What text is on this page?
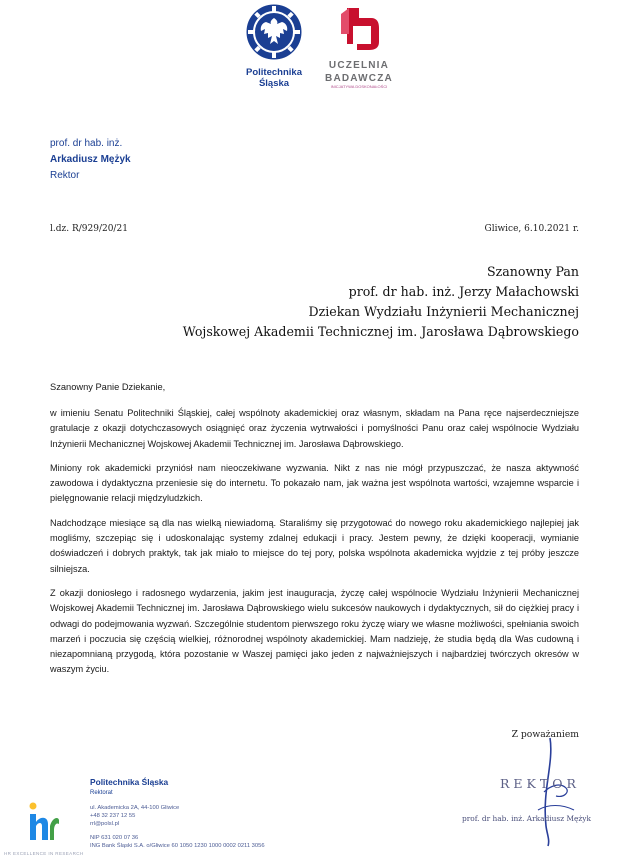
Politechnika Śląska
UCZELNIA
BADAWCZA
INICJATYWA DOSKONAŁOŚCI
prof. dr hab. inż.
Arkadiusz Mężyk
Rektor
l.dz. R/929/20/21	Gliwice, 6.10.2021 r.
Szanowny Pan
prof. dr hab. inż. Jerzy Małachowski
Dziekan Wydziału Inżynierii Mechanicznej
Wojskowej Akademii Technicznej im. Jarosława Dąbrowskiego
Szanowny Panie Dziekanie,

w imieniu Senatu Politechniki Śląskiej, całej wspólnoty akademickiej oraz własnym, składam na Pana ręce najserdeczniejsze gratulacje z okazji dotychczasowych osiągnięć oraz życzenia wytrwałości i pomyślności Panu oraz całej wspólnocie Wydziału Inżynierii Mechanicznej Wojskowej Akademii Technicznej im. Jarosława Dąbrowskiego.

Miniony rok akademicki przyniósł nam nieoczekiwane wyzwania. Nikt z nas nie mógł przypuszczać, że nasza aktywność zawodowa i dydaktyczna przeniesie się do internetu. To pokazało nam, jak ważna jest wspólnota wartości, wzajemne wsparcie i pielęgnowanie relacji międzyludzkich.

Nadchodzące miesiące są dla nas wielką niewiadomą. Staraliśmy się przygotować do nowego roku akademickiego najlepiej jak mogliśmy, szczepiąc się i udoskonalając systemy zdalnej edukacji i pracy. Jestem pewny, że dzięki kooperacji, wymianie doświadczeń i dobrych praktyk, tak jak miało to miejsce do tej pory, polska wspólnota akademicka wyjdzie z tej próby jeszcze silniejsza.

Z okazji doniosłego i radosnego wydarzenia, jakim jest inauguracja, życzę całej wspólnocie Wydziału Inżynierii Mechanicznej Wojskowej Akademii Technicznej im. Jarosława Dąbrowskiego wielu sukcesów naukowych i dydaktycznych, sił do ciężkiej pracy i odwagi do podejmowania wyzwań. Szczególnie studentom pierwszego roku życzę wiary we własne możliwości, spełniania swoich marzeń i poczucia się częścią wielkiej, różnorodnej wspólnoty akademickiej. Mam nadzieję, że studia będą dla Was cudowną i niezapomnianą przygodą, która pozostanie w Waszej pamięci jako jeden z najważniejszych i najbardziej twórczych okresów w waszym życiu.

Z poważaniem
REKTOR
prof. dr hab. inż. Arkadiusz Mężyk
HR EXCELLENCE IN RESEARCH
Politechnika Śląska
Rektorat
ul. Akademicka 2A, 44-100 Gliwice
+48 32 237 12 55
rrl@polsl.pl
NIP 631 020 07 36
ING Bank Śląski S.A. o/Gliwice 60 1050 1230 1000 0002 0211 3056
